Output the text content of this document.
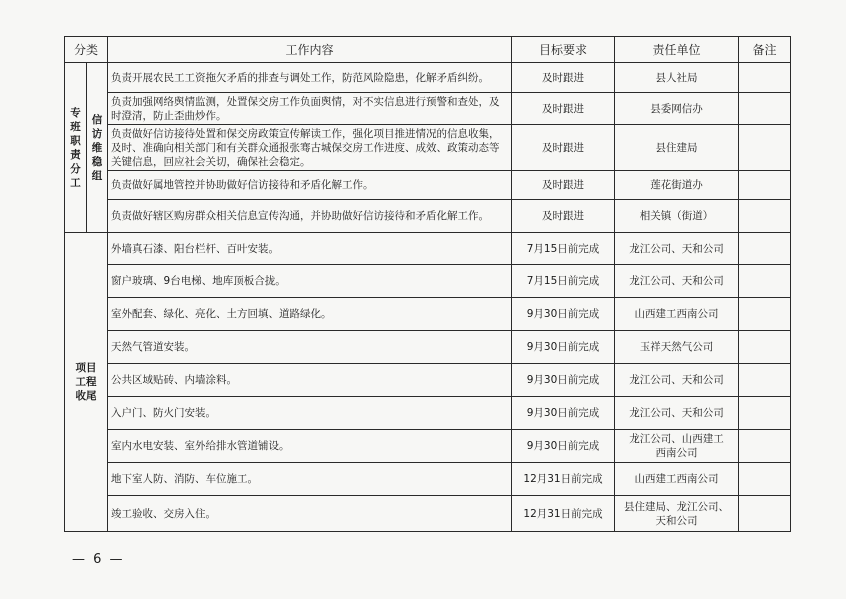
分类		工作内容	目标要求	责任单位	备注
专班职责分工	信访维稳组	负责开展农民工工资拖欠矛盾的排查与调处工作，防范风险隐患，化解矛盾纠纷。	及时跟进	县人社局	
		负责加强网络舆情监测，处置保交房工作负面舆情，对不实信息进行预警和查处，及时澄清，防止歪曲炒作。	及时跟进	县委网信办	
		负责做好信访接待处置和保交房政策宣传解读工作，强化项目推进情况的信息收集，及时、准确向相关部门和有关群众通报张骞古城保交房工作进度、成效、政策动态等关键信息，回应社会关切，确保社会稳定。	及时跟进	县住建局	
		负责做好属地管控并协助做好信访接待和矛盾化解工作。	及时跟进	莲花街道办	
		负责做好辖区购房群众相关信息宣传沟通，并协助做好信访接待和矛盾化解工作。	及时跟进	相关镇（街道）	
项目工程收尾		外墙真石漆、阳台栏杆、百叶安装。	7月15日前完成	龙江公司、天和公司	
		窗户玻璃、9台电梯、地库顶板合拢。	7月15日前完成	龙江公司、天和公司	
		室外配套、绿化、亮化、土方回填、道路绿化。	9月30日前完成	山西建工西南公司	
		天然气管道安装。	9月30日前完成	玉祥天然气公司	
		公共区域贴砖、内墙涂料。	9月30日前完成	龙江公司、天和公司	
		入户门、防火门安装。	9月30日前完成	龙江公司、天和公司	
		室内水电安装、室外给排水管道铺设。	9月30日前完成	龙江公司、山西建工西南公司	
		地下室人防、消防、车位施工。	12月31日前完成	山西建工西南公司	
		竣工验收、交房入住。	12月31日前完成	县住建局、龙江公司、天和公司	
— 6 —
